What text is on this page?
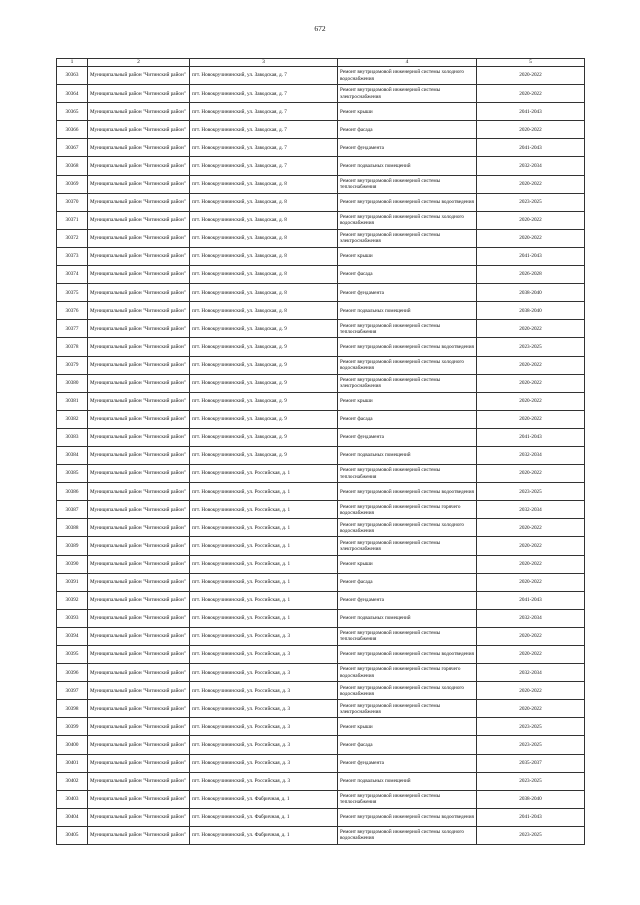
672
1	2	3	4	5
30363	Муниципальный район "Читинский район"	пгт. Новокручининский, ул. Заводская, д. 7	Ремонт внутридомовой инженерной системы холодного водоснабжения	2020-2022
30364	Муниципальный район "Читинский район"	пгт. Новокручининский, ул. Заводская, д. 7	Ремонт внутридомовой инженерной системы электроснабжения	2020-2022
30365	Муниципальный район "Читинский район"	пгт. Новокручининский, ул. Заводская, д. 7	Ремонт крыши	2041-2043
30366	Муниципальный район "Читинский район"	пгт. Новокручининский, ул. Заводская, д. 7	Ремонт фасада	2020-2022
30367	Муниципальный район "Читинский район"	пгт. Новокручининский, ул. Заводская, д. 7	Ремонт фундамента	2041-2043
30368	Муниципальный район "Читинский район"	пгт. Новокручининский, ул. Заводская, д. 7	Ремонт подвальных помещений	2032-2034
30369	Муниципальный район "Читинский район"	пгт. Новокручининский, ул. Заводская, д. 8	Ремонт внутридомовой инженерной системы теплоснабжения	2020-2022
30370	Муниципальный район "Читинский район"	пгт. Новокручининский, ул. Заводская, д. 8	Ремонт внутридомовой инженерной системы водоотведения	2023-2025
30371	Муниципальный район "Читинский район"	пгт. Новокручининский, ул. Заводская, д. 8	Ремонт внутридомовой инженерной системы холодного водоснабжения	2020-2022
30372	Муниципальный район "Читинский район"	пгт. Новокручининский, ул. Заводская, д. 8	Ремонт внутридомовой инженерной системы электроснабжения	2020-2022
30373	Муниципальный район "Читинский район"	пгт. Новокручининский, ул. Заводская, д. 8	Ремонт крыши	2041-2043
30374	Муниципальный район "Читинский район"	пгт. Новокручининский, ул. Заводская, д. 8	Ремонт фасада	2026-2028
30375	Муниципальный район "Читинский район"	пгт. Новокручининский, ул. Заводская, д. 8	Ремонт фундамента	2038-2040
30376	Муниципальный район "Читинский район"	пгт. Новокручининский, ул. Заводская, д. 8	Ремонт подвальных помещений	2038-2040
30377	Муниципальный район "Читинский район"	пгт. Новокручининский, ул. Заводская, д. 9	Ремонт внутридомовой инженерной системы теплоснабжения	2020-2022
30378	Муниципальный район "Читинский район"	пгт. Новокручининский, ул. Заводская, д. 9	Ремонт внутридомовой инженерной системы водоотведения	2023-2025
30379	Муниципальный район "Читинский район"	пгт. Новокручининский, ул. Заводская, д. 9	Ремонт внутридомовой инженерной системы холодного водоснабжения	2020-2022
30380	Муниципальный район "Читинский район"	пгт. Новокручининский, ул. Заводская, д. 9	Ремонт внутридомовой инженерной системы электроснабжения	2020-2022
30381	Муниципальный район "Читинский район"	пгт. Новокручининский, ул. Заводская, д. 9	Ремонт крыши	2020-2022
30382	Муниципальный район "Читинский район"	пгт. Новокручининский, ул. Заводская, д. 9	Ремонт фасада	2020-2022
30383	Муниципальный район "Читинский район"	пгт. Новокручининский, ул. Заводская, д. 9	Ремонт фундамента	2041-2043
30384	Муниципальный район "Читинский район"	пгт. Новокручининский, ул. Заводская, д. 9	Ремонт подвальных помещений	2032-2034
30385	Муниципальный район "Читинский район"	пгт. Новокручининский, ул. Российская, д. 1	Ремонт внутридомовой инженерной системы теплоснабжения	2020-2022
30386	Муниципальный район "Читинский район"	пгт. Новокручининский, ул. Российская, д. 1	Ремонт внутридомовой инженерной системы водоотведения	2023-2025
30387	Муниципальный район "Читинский район"	пгт. Новокручининский, ул. Российская, д. 1	Ремонт внутридомовой инженерной системы горячего водоснабжения	2032-2034
30388	Муниципальный район "Читинский район"	пгт. Новокручининский, ул. Российская, д. 1	Ремонт внутридомовой инженерной системы холодного водоснабжения	2020-2022
30389	Муниципальный район "Читинский район"	пгт. Новокручининский, ул. Российская, д. 1	Ремонт внутридомовой инженерной системы электроснабжения	2020-2022
30390	Муниципальный район "Читинский район"	пгт. Новокручининский, ул. Российская, д. 1	Ремонт крыши	2020-2022
30391	Муниципальный район "Читинский район"	пгт. Новокручининский, ул. Российская, д. 1	Ремонт фасада	2020-2022
30392	Муниципальный район "Читинский район"	пгт. Новокручининский, ул. Российская, д. 1	Ремонт фундамента	2041-2043
30393	Муниципальный район "Читинский район"	пгт. Новокручининский, ул. Российская, д. 1	Ремонт подвальных помещений	2032-2034
30394	Муниципальный район "Читинский район"	пгт. Новокручининский, ул. Российская, д. 3	Ремонт внутридомовой инженерной системы теплоснабжения	2020-2022
30395	Муниципальный район "Читинский район"	пгт. Новокручининский, ул. Российская, д. 3	Ремонт внутридомовой инженерной системы водоотведения	2020-2022
30396	Муниципальный район "Читинский район"	пгт. Новокручининский, ул. Российская, д. 3	Ремонт внутридомовой инженерной системы горячего водоснабжения	2032-2034
30397	Муниципальный район "Читинский район"	пгт. Новокручининский, ул. Российская, д. 3	Ремонт внутридомовой инженерной системы холодного водоснабжения	2020-2022
30398	Муниципальный район "Читинский район"	пгт. Новокручининский, ул. Российская, д. 3	Ремонт внутридомовой инженерной системы электроснабжения	2020-2022
30399	Муниципальный район "Читинский район"	пгт. Новокручининский, ул. Российская, д. 3	Ремонт крыши	2023-2025
30400	Муниципальный район "Читинский район"	пгт. Новокручининский, ул. Российская, д. 3	Ремонт фасада	2023-2025
30401	Муниципальный район "Читинский район"	пгт. Новокручининский, ул. Российская, д. 3	Ремонт фундамента	2035-2037
30402	Муниципальный район "Читинский район"	пгт. Новокручининский, ул. Российская, д. 3	Ремонт подвальных помещений	2023-2025
30403	Муниципальный район "Читинский район"	пгт. Новокручининский, ул. Фабричная, д. 1	Ремонт внутридомовой инженерной системы теплоснабжения	2038-2040
30404	Муниципальный район "Читинский район"	пгт. Новокручининский, ул. Фабричная, д. 1	Ремонт внутридомовой инженерной системы водоотведения	2041-2043
30405	Муниципальный район "Читинский район"	пгт. Новокручининский, ул. Фабричная, д. 1	Ремонт внутридомовой инженерной системы холодного водоснабжения	2023-2025
